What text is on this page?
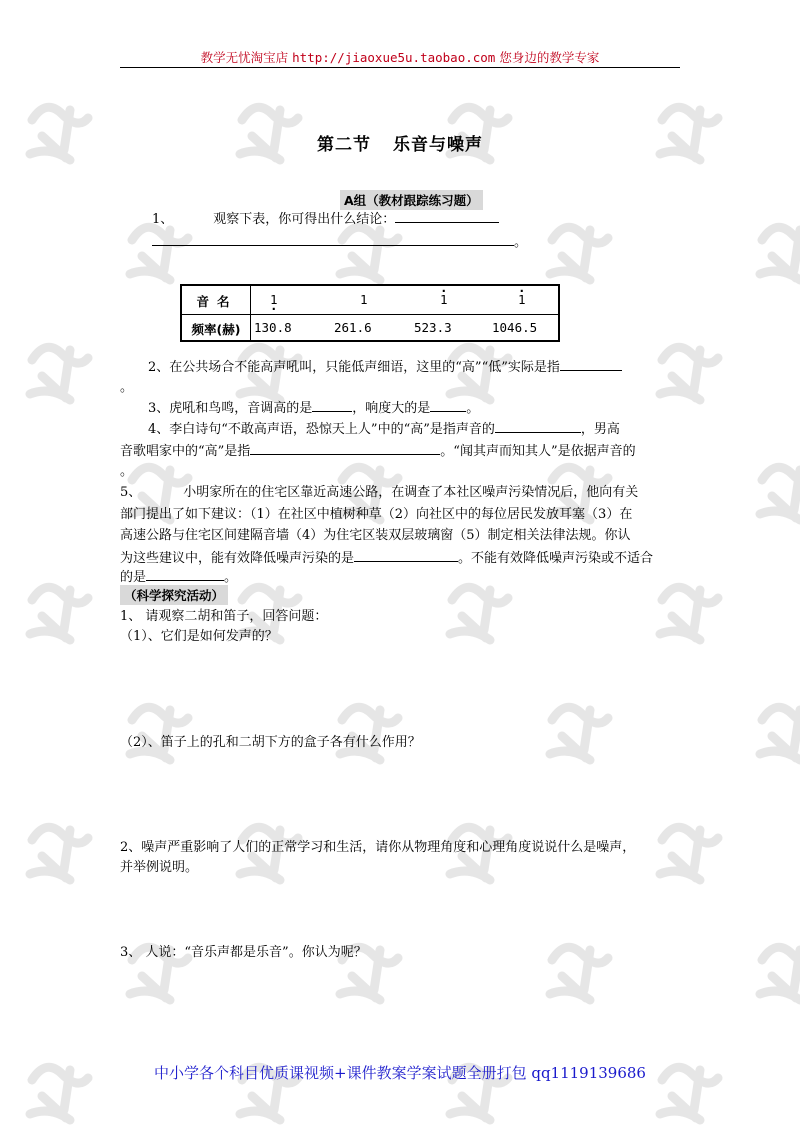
教学无忧淘宝店 http://jiaoxue5u.taobao.com 您身边的教学专家
第二节 乐音与噪声
A组（教材跟踪练习题）
1、	观察下表，你可得出什么结论：
。
音名	1 ·	1	· 1	· 1
频率(赫)	130.8	261.6	523.3	1046.5
2、在公共场合不能高声吼叫，只能低声细语，这里的“高”“低”实际是指
。
3、虎吼和鸟鸣，音调高的是	，响度大的是	。
4、李白诗句“不敢高声语，恐惊天上人”中的“高”是指声音的	，男高
音歌唱家中的“高”是指	。“闻其声而知其人”是依据声音的
。
5、	小明家所在的住宅区靠近高速公路，在调查了本社区噪声污染情况后，他向有关
部门提出了如下建议：（1）在社区中植树种草（2）向社区中的每位居民发放耳塞（3）在
高速公路与住宅区间建隔音墙（4）为住宅区装双层玻璃窗（5）制定相关法律法规。你认
为这些建议中，能有效降低噪声污染的是	。不能有效降低噪声污染或不适合
的是	。
（科学探究活动）
1、 请观察二胡和笛子，回答问题：
（1）、它们是如何发声的？
（2）、笛子上的孔和二胡下方的盒子各有什么作用？
2、噪声严重影响了人们的正常学习和生活，请你从物理角度和心理角度说说什么是噪声，
并举例说明。
3、 人说：“音乐声都是乐音”。你认为呢？
中小学各个科目优质课视频+课件教案学案试题全册打包 qq1119139686
